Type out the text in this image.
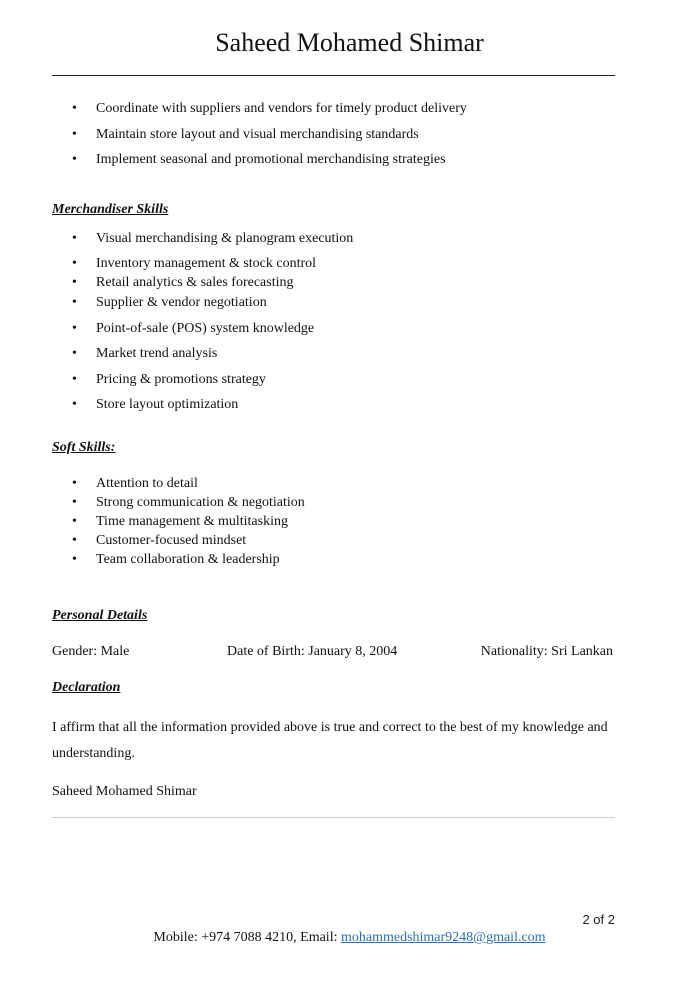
Saheed Mohamed Shimar
• Coordinate with suppliers and vendors for timely product delivery
• Maintain store layout and visual merchandising standards
• Implement seasonal and promotional merchandising strategies
Merchandiser Skills
• Visual merchandising & planogram execution
• Inventory management & stock control
• Retail analytics & sales forecasting
• Supplier & vendor negotiation
• Point-of-sale (POS) system knowledge
• Market trend analysis
• Pricing & promotions strategy
• Store layout optimization
Soft Skills:
• Attention to detail
• Strong communication & negotiation
• Time management & multitasking
• Customer-focused mindset
• Team collaboration & leadership
Personal Details
Gender: Male	Date of Birth: January 8, 2004	Nationality: Sri Lankan
Declaration

I affirm that all the information provided above is true and correct to the best of my knowledge and understanding.

Saheed Mohamed Shimar
2 of 2
Mobile: +974 7088 4210, Email: mohammedshimar9248@gmail.com
